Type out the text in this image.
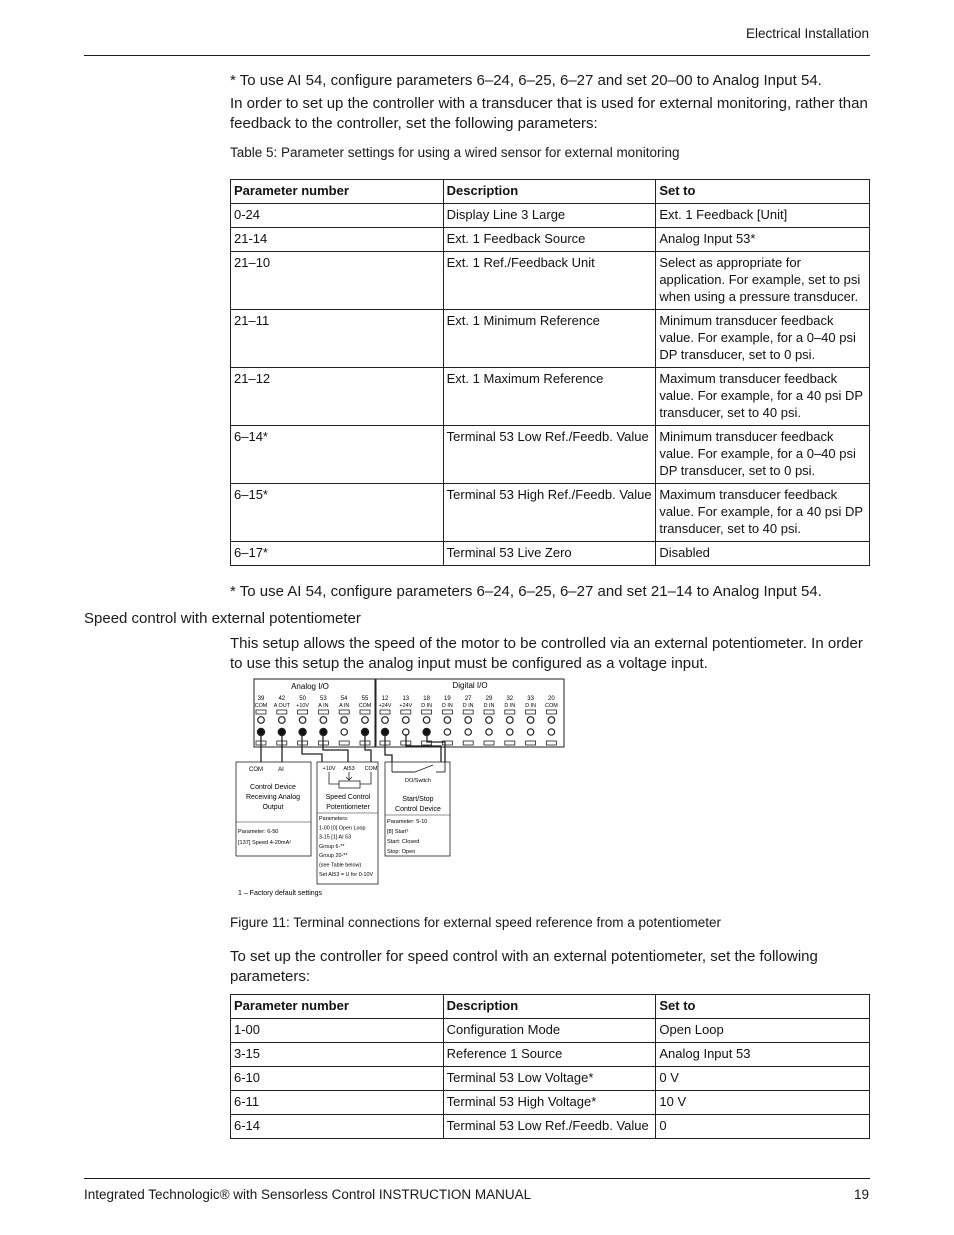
Electrical Installation

* To use AI 54, configure parameters 6–24, 6–25, 6–27 and set 20–00 to Analog Input 54.

In order to set up the controller with a transducer that is used for external monitoring, rather than feedback to the controller, set the following parameters:

Table 5: Parameter settings for using a wired sensor for external monitoring

Parameter number	Description	Set to
0-24	Display Line 3 Large	Ext. 1 Feedback [Unit]
21-14	Ext. 1 Feedback Source	Analog Input 53*
21–10	Ext. 1 Ref./Feedback Unit	Select as appropriate for application. For example, set to psi when using a pressure transducer.
21–11	Ext. 1 Minimum Reference	Minimum transducer feedback value. For example, for a 0–40 psi DP transducer, set to 0 psi.
21–12	Ext. 1 Maximum Reference	Maximum transducer feedback value. For example, for a 40 psi DP transducer, set to 40 psi.
6–14*	Terminal 53 Low Ref./Feedb. Value	Minimum transducer feedback value. For example, for a 0–40 psi DP transducer, set to 0 psi.
6–15*	Terminal 53 High Ref./Feedb. Value	Maximum transducer feedback value. For example, for a 40 psi DP transducer, set to 40 psi.
6–17*	Terminal 53 Live Zero	Disabled

* To use AI 54, configure parameters 6–24, 6–25, 6–27 and set 21–14 to Analog Input 54.

Speed control with external potentiometer

This setup allows the speed of the motor to be controlled via an external potentiometer. In order to use this setup the analog input must be configured as a voltage input.

Analog I/O	Digital I/O
39
COM
42
A OUT
50
+10V
53
A IN
54
A IN
55
COM
12
+24V
13
+24V
18
D IN
19
D IN
27
D IN
29
D IN
32
D IN
33
D IN
20
COM
COM	AI
Control Device Receiving Analog Output
Parameter: 6-50 [137] Speed 4-20mA¹
+10V AI53 COM
Speed Control Potentiometer
Parameters: 1-00 [0] Open Loop 3-15 [1] AI 53 Group 6-** Group 20-** (see Table below) Set AI53 = U for 0-10V
DO/Switch
Start/Stop Control Device
Parameter: 5-10 [8] Start¹ Start: Closed Stop: Open
1 – Factory default settings

Figure 11: Terminal connections for external speed reference from a potentiometer

To set up the controller for speed control with an external potentiometer, set the following parameters:

Parameter number	Description	Set to
1-00	Configuration Mode	Open Loop
3-15	Reference 1 Source	Analog Input 53
6-10	Terminal 53 Low Voltage*	0 V
6-11	Terminal 53 High Voltage*	10 V
6-14	Terminal 53 Low Ref./Feedb. Value	0
Integrated Technologic® with Sensorless Control INSTRUCTION MANUAL	19
